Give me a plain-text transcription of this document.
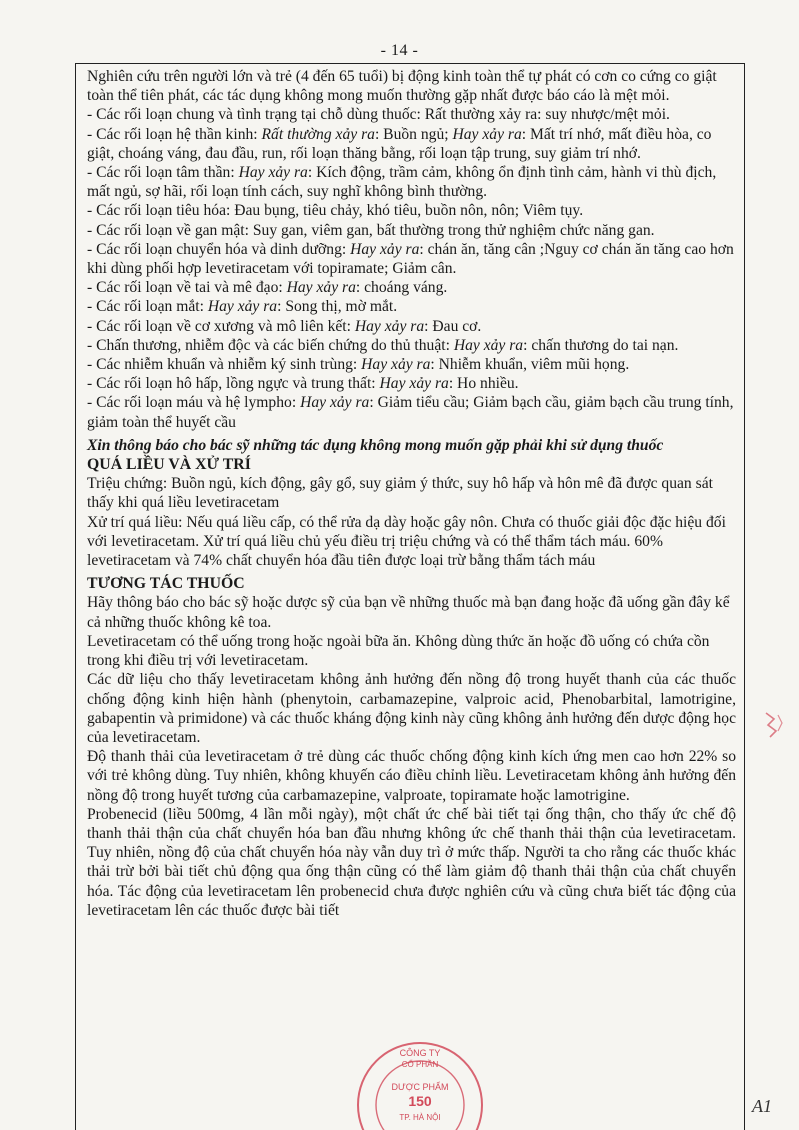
- 14 -

Nghiên cứu trên người lớn và trẻ (4 đến 65 tuổi) bị động kinh toàn thể tự phát có cơn co cứng co giật toàn thể tiên phát, các tác dụng không mong muốn thường gặp nhất được báo cáo là mệt mỏi.

- Các rối loạn chung và tình trạng tại chỗ dùng thuốc: Rất thường xảy ra: suy nhược/mệt mỏi.

- Các rối loạn hệ thần kinh: Rất thường xảy ra: Buồn ngủ; Hay xảy ra: Mất trí nhớ, mất điều hòa, co giật, choáng váng, đau đầu, run, rối loạn thăng bằng, rối loạn tập trung, suy giảm trí nhớ.

- Các rối loạn tâm thần: Hay xảy ra: Kích động, trầm cảm, không ổn định tình cảm, hành vi thù địch, mất ngủ, sợ hãi, rối loạn tính cách, suy nghĩ không bình thường.

- Các rối loạn tiêu hóa: Đau bụng, tiêu chảy, khó tiêu, buồn nôn, nôn; Viêm tụy.

- Các rối loạn về gan mật: Suy gan, viêm gan, bất thường trong thử nghiệm chức năng gan.

- Các rối loạn chuyển hóa và dinh dưỡng: Hay xảy ra: chán ăn, tăng cân ;Nguy cơ chán ăn tăng cao hơn khi dùng phối hợp levetiracetam với topiramate; Giảm cân.

- Các rối loạn về tai và mê đạo: Hay xảy ra: choáng váng.

- Các rối loạn mắt: Hay xảy ra: Song thị, mờ mắt.

- Các rối loạn về cơ xương và mô liên kết: Hay xảy ra: Đau cơ.

- Chấn thương, nhiễm độc và các biến chứng do thủ thuật: Hay xảy ra: chấn thương do tai nạn.

- Các nhiễm khuẩn và nhiễm ký sinh trùng: Hay xảy ra: Nhiễm khuẩn, viêm mũi họng.

- Các rối loạn hô hấp, lồng ngực và trung thất: Hay xảy ra: Ho nhiều.

- Các rối loạn máu và hệ lympho: Hay xảy ra: Giảm tiểu cầu; Giảm bạch cầu, giảm bạch cầu trung tính, giảm toàn thể huyết cầu

Xin thông báo cho bác sỹ những tác dụng không mong muốn gặp phải khi sử dụng thuốc

QUÁ LIỀU VÀ XỬ TRÍ

Triệu chứng: Buồn ngủ, kích động, gây gổ, suy giảm ý thức, suy hô hấp và hôn mê đã được quan sát thấy khi quá liều levetiracetam

Xử trí quá liều: Nếu quá liều cấp, có thể rửa dạ dày hoặc gây nôn. Chưa có thuốc giải độc đặc hiệu đối với levetiracetam. Xử trí quá liều chủ yếu điều trị triệu chứng và có thể thẩm tách máu. 60% levetiracetam và 74% chất chuyển hóa đầu tiên được loại trừ bằng thẩm tách máu

TƯƠNG TÁC THUỐC

Hãy thông báo cho bác sỹ hoặc dược sỹ của bạn về những thuốc mà bạn đang hoặc đã uống gần đây kể cả những thuốc không kê toa.

Levetiracetam có thể uống trong hoặc ngoài bữa ăn. Không dùng thức ăn hoặc đồ uống có chứa cồn trong khi điều trị với levetiracetam.

Các dữ liệu cho thấy levetiracetam không ảnh hưởng đến nồng độ trong huyết thanh của các thuốc chống động kinh hiện hành (phenytoin, carbamazepine, valproic acid, Phenobarbital, lamotrigine, gabapentin và primidone) và các thuốc kháng động kinh này cũng không ảnh hưởng đến dược động học của levetiracetam.

Độ thanh thải của levetiracetam ở trẻ dùng các thuốc chống động kinh kích ứng men cao hơn 22% so với trẻ không dùng. Tuy nhiên, không khuyến cáo điều chỉnh liều. Levetiracetam không ảnh hưởng đến nồng độ trong huyết tương của carbamazepine, valproate, topiramate hoặc lamotrigine.

Probenecid (liều 500mg, 4 lần mỗi ngày), một chất ức chế bài tiết tại ống thận, cho thấy ức chế độ thanh thải thận của chất chuyển hóa ban đầu nhưng không ức chế thanh thải thận của levetiracetam. Tuy nhiên, nồng độ của chất chuyển hóa này vẫn duy trì ở mức thấp. Người ta cho rằng các thuốc khác thải trừ bởi bài tiết chủ động qua ống thận cũng có thể làm giảm độ thanh thải thận của chất chuyển hóa. Tác động của levetiracetam lên probenecid chưa được nghiên cứu và cũng chưa biết tác động của levetiracetam lên các thuốc được bài tiết

CÔNG TY
CỔ PHẦN
DƯỢC PHẨM
150
TP. HÀ NỘI
A1
